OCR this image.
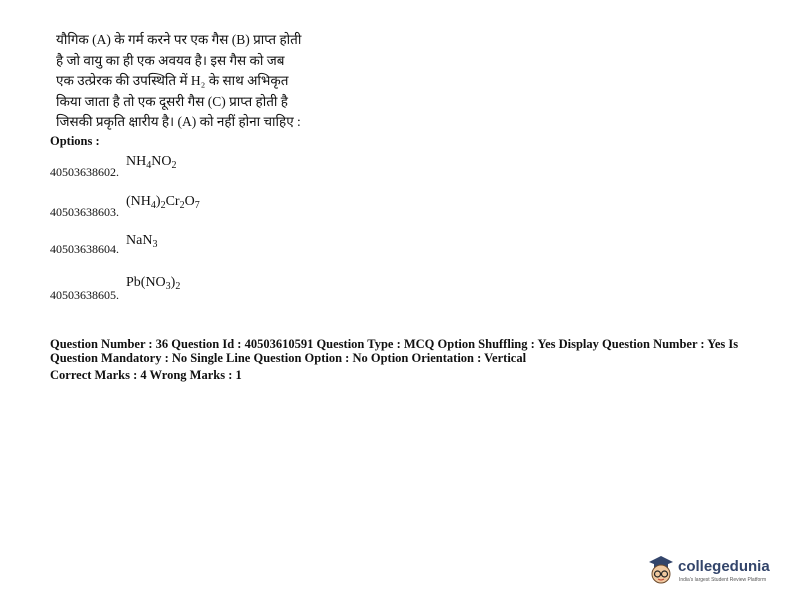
यौगिक (A) के गर्म करने पर एक गैस (B) प्राप्त होती
है जो वायु का ही एक अवयव है। इस गैस को जब
एक उत्प्रेरक की उपस्थिति में H₂ के साथ अभिकृत
किया जाता है तो एक दूसरी गैस (C) प्राप्त होती है
जिसकी प्रकृति क्षारीय है। (A) को नहीं होना चाहिए :
Options :
40503638602.
$NH_4NO_2$
40503638603.
$(NH_4)_2Cr_2O_7$
40503638604.
NaN$_3$
40503638605.
$Pb(NO_3)_2$
Question Number : 36 Question Id : 40503610591 Question Type : MCQ Option Shuffling : Yes Display Question Number : Yes Is
Question Mandatory : No Single Line Question Option : No Option Orientation : Vertical
Correct Marks : 4 Wrong Marks : 1
collegedunia
India's largest Student Review Platform
